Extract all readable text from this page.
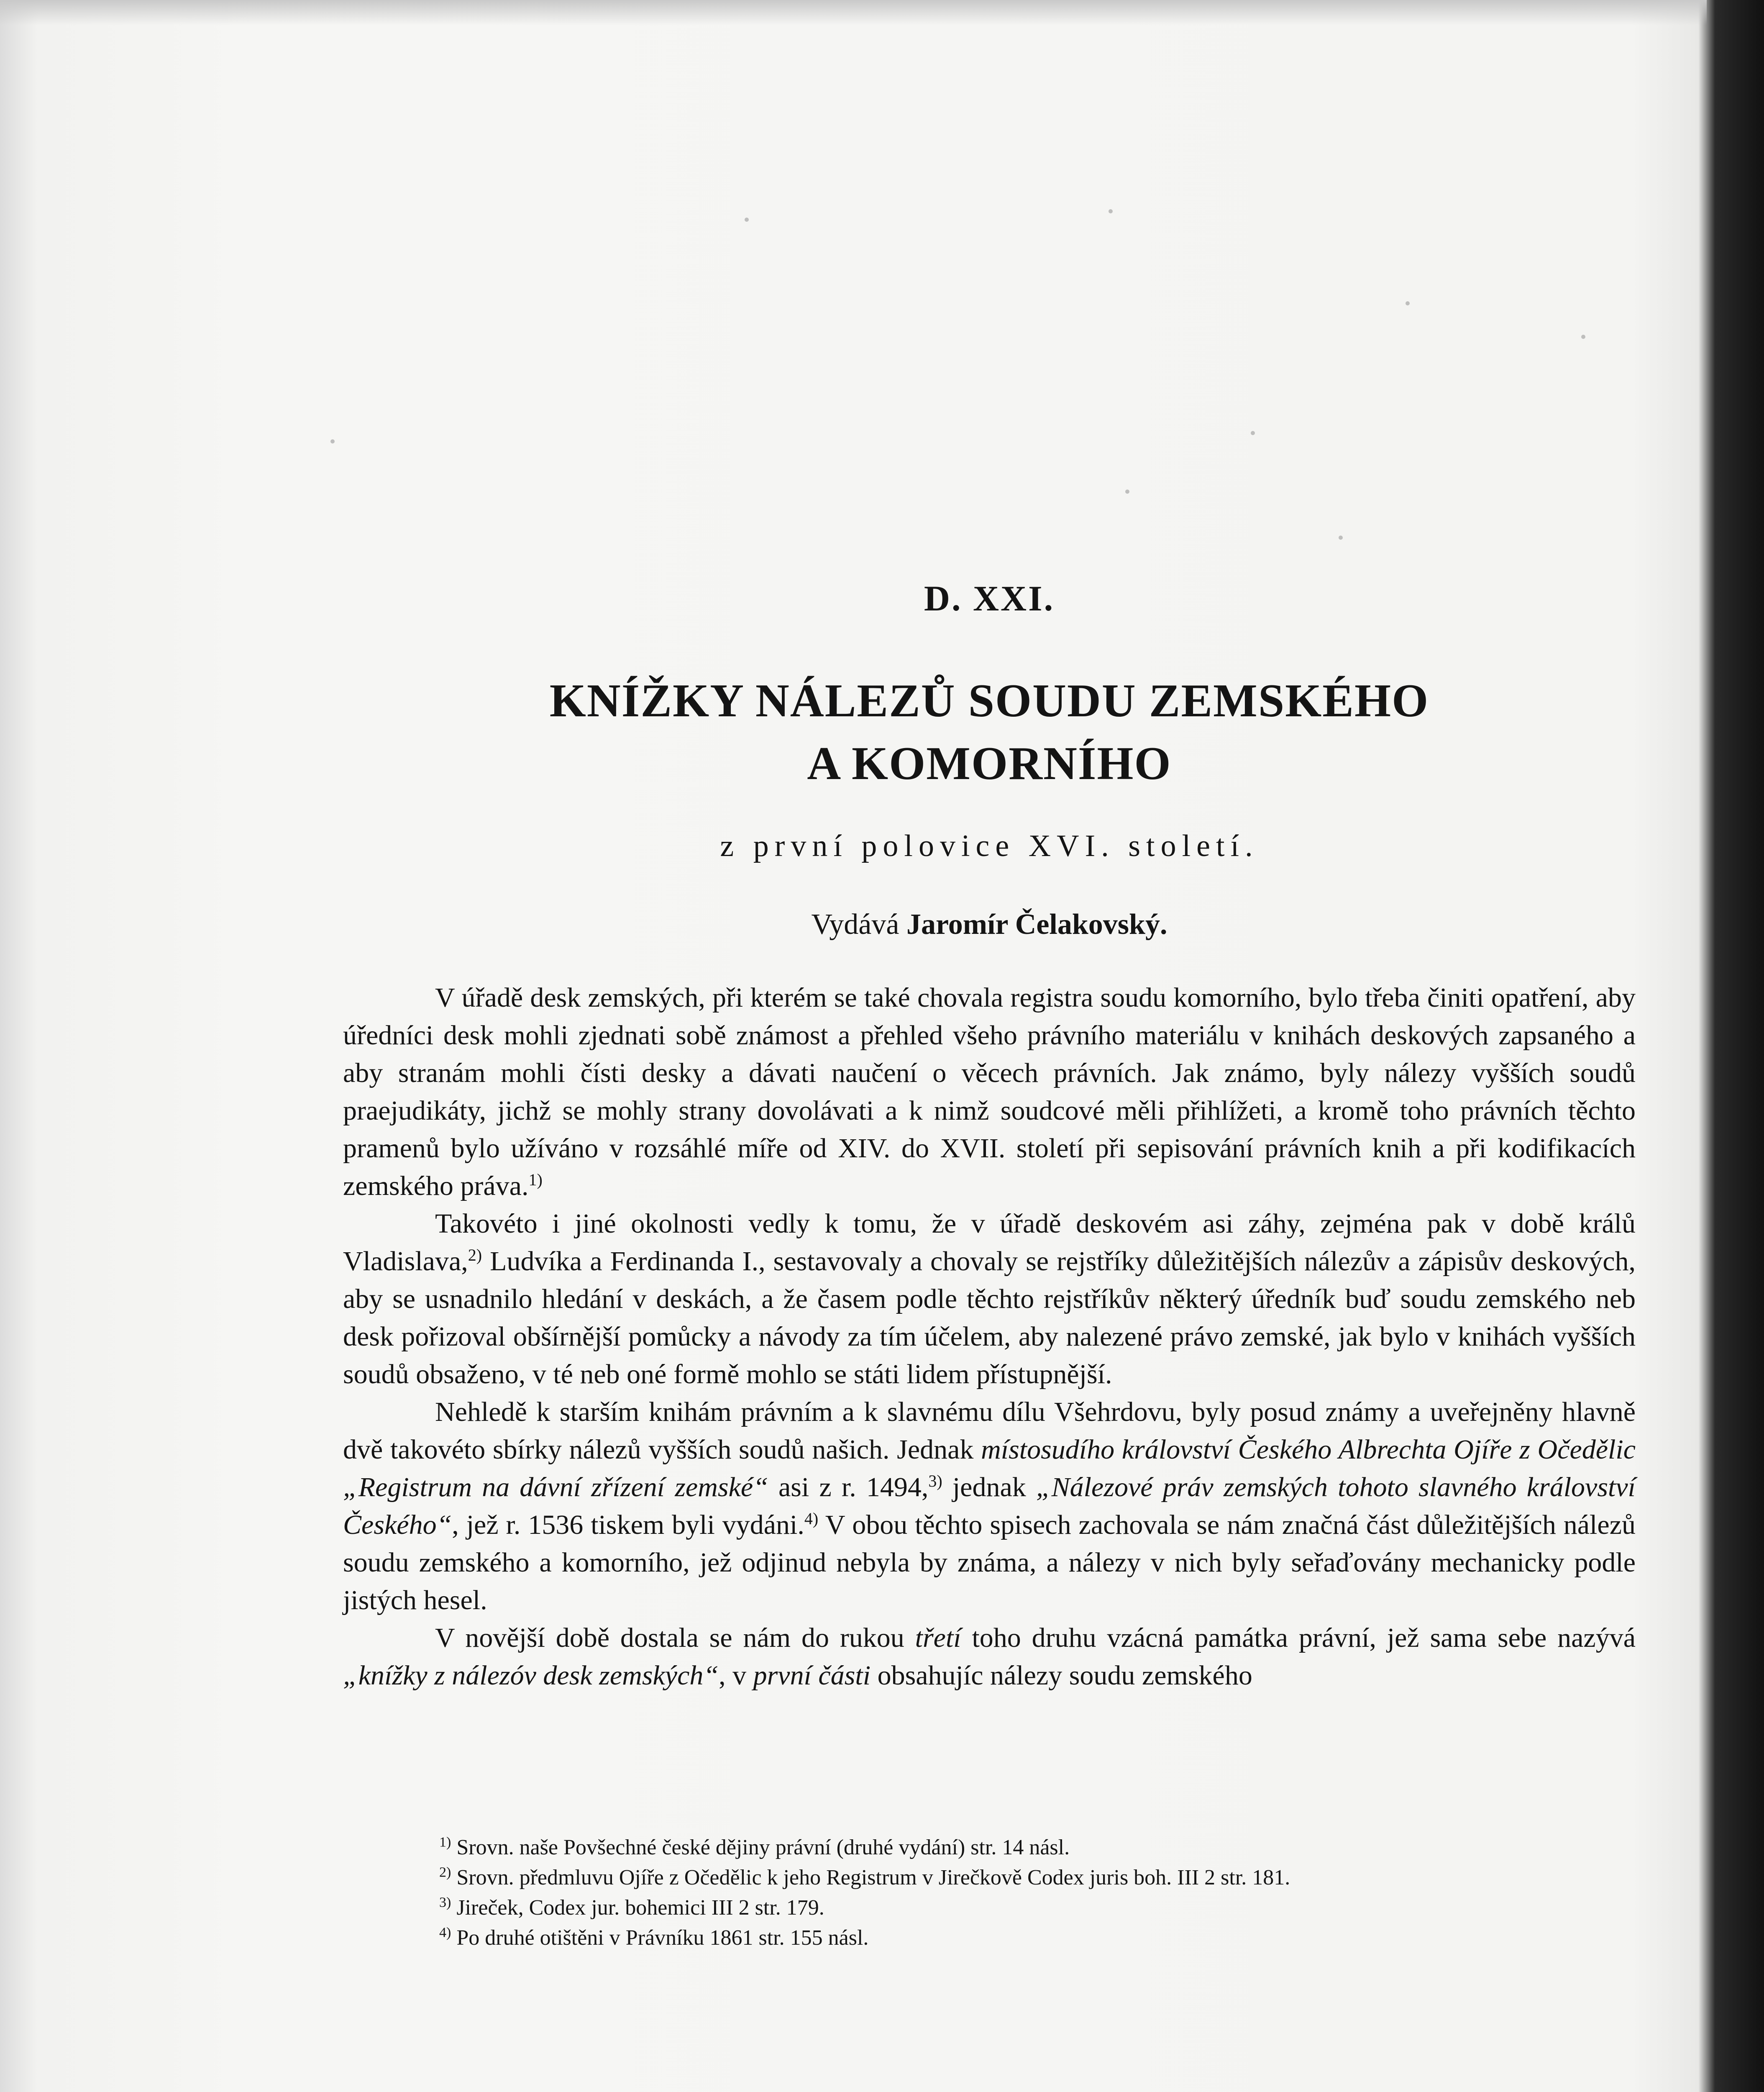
D. XXI.
KNÍŽKY NÁLEZŮ SOUDU ZEMSKÉHO
A KOMORNÍHO
z první polovice XVI. století.
Vydává Jaromír Čelakovský.

V úřadě desk zemských, při kterém se také chovala registra soudu komorního, bylo třeba činiti opatření, aby úředníci desk mohli zjednati sobě známost a přehled všeho právního materiálu v knihách deskových zapsaného a aby stranám mohli čísti desky a dávati naučení o věcech právních. Jak známo, byly nálezy vyšších soudů praejudikáty, jichž se mohly strany dovolávati a k nimž soudcové měli přihlížeti, a kromě toho právních těchto pramenů bylo užíváno v rozsáhlé míře od XIV. do XVII. století při sepisování právních knih a při kodifikacích zemského práva.$^{1)}$

Takovéto i jiné okolnosti vedly k tomu, že v úřadě deskovém asi záhy, zejména pak v době králů Vladislava,$^{2)}$ Ludvíka a Ferdinanda I., sestavovaly a chovaly se rejstříky důležitějších nálezův a zápisův deskových, aby se usnadnilo hledání v deskách, a že časem podle těchto rejstříkův některý úředník buď soudu zemského neb desk pořizoval obšírnější pomůcky a návody za tím účelem, aby nalezené právo zemské, jak bylo v knihách vyšších soudů obsaženo, v té neb oné formě mohlo se státi lidem přístupnější.

Nehledě k starším knihám právním a k slavnému dílu Všehrdovu, byly posud známy a uveřejněny hlavně dvě takovéto sbírky nálezů vyšších soudů našich. Jednak místosudího království Českého Albrechta Ojíře z Očedělic „Registrum na dávní zřízení zemské“ asi z r. 1494,$^{3)}$ jednak „Nálezové práv zemských tohoto slavného království Českého“, jež r. 1536 tiskem byli vydáni.$^{4)}$ V obou těchto spisech zachovala se nám značná část důležitějších nálezů soudu zemského a komorního, jež odjinud nebyla by známa, a nálezy v nich byly seřaďovány mechanicky podle jistých hesel.

V novější době dostala se nám do rukou třetí toho druhu vzácná památka právní, jež sama sebe nazývá „knížky z nálezóv desk zemských“, v první části obsahujíc nálezy soudu zemského

$^{1)}$ Srovn. naše Povšechné české dějiny právní (druhé vydání) str. 14 násl.

$^{2)}$ Srovn. předmluvu Ojíře z Očedělic k jeho Registrum v Jirečkově Codex juris boh. III 2 str. 181.

$^{3)}$ Jireček, Codex jur. bohemici III 2 str. 179.

$^{4)}$ Po druhé otištěni v Právníku 1861 str. 155 násl.
